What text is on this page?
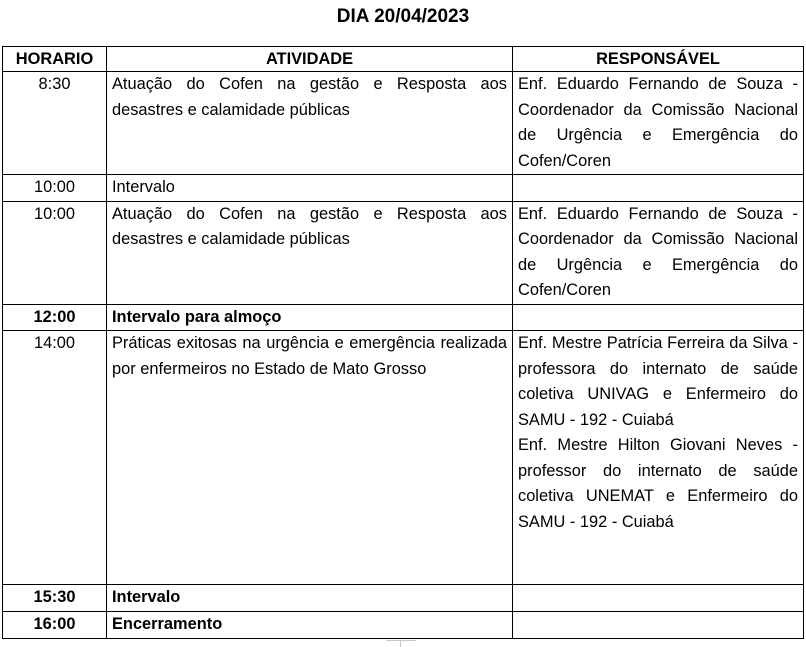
DIA 20/04/2023
HORARIO	ATIVIDADE	RESPONSÁVEL
8:30	Atuação do Cofen na gestão e Resposta aos desastres e calamidade públicas	Enf. Eduardo Fernando de Souza - Coordenador da Comissão Nacional de Urgência e Emergência do Cofen/Coren

10:00	Intervalo	
10:00	Atuação do Cofen na gestão e Resposta aos desastres e calamidade públicas	Enf. Eduardo Fernando de Souza - Coordenador da Comissão Nacional de Urgência e Emergência do Cofen/Coren

12:00	Intervalo para almoço	
14:00	Práticas exitosas na urgência e emergência realizada por enfermeiros no Estado de Mato Grosso	Enf. Mestre Patrícia Ferreira da Silva - professora do internato de saúde coletiva UNIVAG e Enfermeiro do SAMU - 192 - Cuiabá
Enf. Mestre Hilton Giovani Neves - professor do internato de saúde coletiva UNEMAT e Enfermeiro do SAMU - 192 - Cuiabá

15:30	Intervalo	
16:00	Encerramento	
